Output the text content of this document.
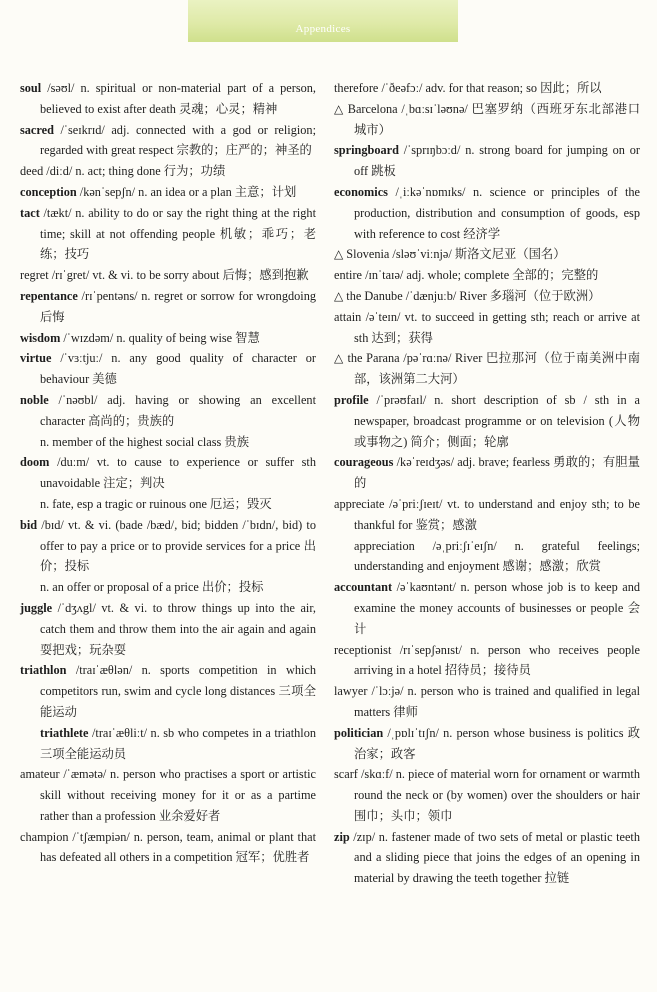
Appendices
soul /səʊl/ n. spiritual or non-material part of a person, believed to exist after death 灵魂；心灵；精神
sacred /ˈseɪkrɪd/ adj. connected with a god or religion; regarded with great respect 宗教的；庄严的；神圣的
deed /diːd/ n. act; thing done 行为；功绩
conception /kənˈsepʃn/ n. an idea or a plan 主意；计划
tact /tækt/ n. ability to do or say the right thing at the right time; skill at not offending people 机敏；乖巧；老练；技巧
regret /rɪˈgret/ vt. & vi. to be sorry about 后悔；感到抱歉
repentance /rɪˈpentəns/ n. regret or sorrow for wrongdoing 后悔
wisdom /ˈwɪzdəm/ n. quality of being wise 智慧
virtue /ˈvɜːtjuː/ n. any good quality of character or behaviour 美德
noble /ˈnəʊbl/ adj. having or showing an excellent character 高尚的；贵族的
n. member of the highest social class 贵族
doom /duːm/ vt. to cause to experience or suffer sth unavoidable 注定；判决
n. fate, esp a tragic or ruinous one 厄运；毁灭
bid /bɪd/ vt. & vi. (bade /bæd/, bid; bidden /ˈbɪdn/, bid) to offer to pay a price or to provide services for a price 出价；投标
n. an offer or proposal of a price 出价；投标
juggle /ˈdʒʌgl/ vt. & vi. to throw things up into the air, catch them and throw them into the air again and again 耍把戏；玩杂耍
triathlon /traɪˈæθlən/ n. sports competition in which competitors run, swim and cycle long distances 三项全能运动
triathlete /traɪˈæθliːt/ n. sb who competes in a triathlon 三项全能运动员
amateur /ˈæmətə/ n. person who practises a sport or artistic skill without receiving money for it or as a partime rather than a profession 业余爱好者
champion /ˈtʃæmpiən/ n. person, team, animal or plant that has defeated all others in a competition 冠军；优胜者
therefore /ˈðeəfɔː/ adv. for that reason; so 因此；所以
△ Barcelona /ˌbɑːsɪˈləʊnə/ 巴塞罗纳（西班牙东北部港口城市）
springboard /ˈsprɪŋbɔːd/ n. strong board for jumping on or off 跳板
economics /ˌiːkəˈnɒmɪks/ n. science or principles of the production, distribution and consumption of goods, esp with reference to cost 经济学
△ Slovenia /sləʊˈviːnjə/ 斯洛文尼亚（国名）
entire /ɪnˈtaɪə/ adj. whole; complete 全部的；完整的
△ the Danube /ˈdænjuːb/ River 多瑙河（位于欧洲）
attain /əˈteɪn/ vt. to succeed in getting sth; reach or arrive at sth 达到；获得
△ the Parana /pəˈrɑːnə/ River 巴拉那河（位于南美洲中南部，该洲第二大河）
profile /ˈprəʊfaɪl/ n. short description of sb / sth in a newspaper, broadcast programme or on television (人物或事物之) 简介；侧面；轮廓
courageous /kəˈreɪdʒəs/ adj. brave; fearless 勇敢的；有胆量的
appreciate /əˈpriːʃɪeɪt/ vt. to understand and enjoy sth; to be thankful for 鉴赏；感激
appreciation /əˌpriːʃɪˈeɪʃn/ n. grateful feelings; understanding and enjoyment 感谢；感激；欣赏
accountant /əˈkaʊntənt/ n. person whose job is to keep and examine the money accounts of businesses or people 会计
receptionist /rɪˈsepʃənɪst/ n. person who receives people arriving in a hotel 招待员；接待员
lawyer /ˈlɔːjə/ n. person who is trained and qualified in legal matters 律师
politician /ˌpɒlɪˈtɪʃn/ n. person whose business is politics 政治家；政客
scarf /skɑːf/ n. piece of material worn for ornament or warmth round the neck or (by women) over the shoulders or hair 围巾；头巾；领巾
zip /zɪp/ n. fastener made of two sets of metal or plastic teeth and a sliding piece that joins the edges of an opening in material by drawing the teeth together 拉链
